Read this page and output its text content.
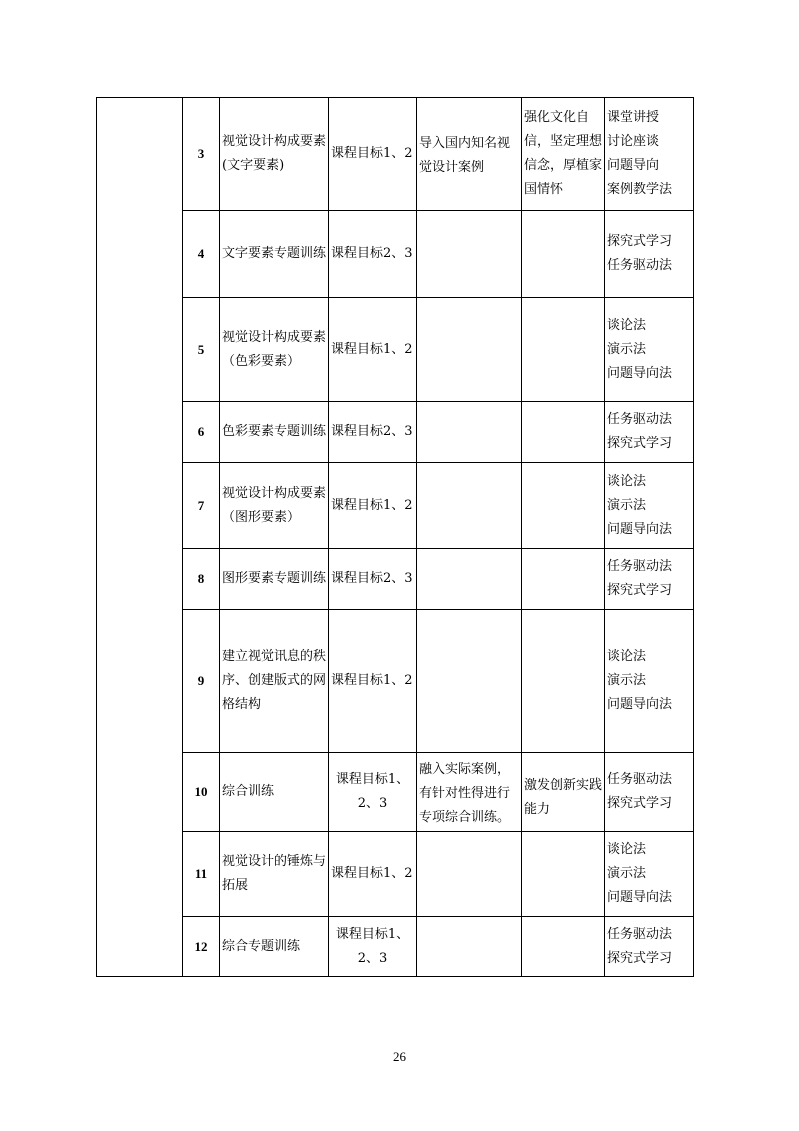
	3	视觉设计构成要素(文字要素)	课程目标1、2	导入国内知名视觉设计案例	强化文化自信，坚定理想信念，厚植家国情怀	课堂讲授
讨论座谈
问题导向
案例教学法

	4	文字要素专题训练	课程目标2、3			探究式学习
任务驱动法

	5	视觉设计构成要素（色彩要素）	课程目标1、2			谈论法
演示法
问题导向法

	6	色彩要素专题训练	课程目标2、3			任务驱动法
探究式学习

	7	视觉设计构成要素（图形要素）	课程目标1、2			谈论法
演示法
问题导向法

	8	图形要素专题训练	课程目标2、3			任务驱动法
探究式学习

	9	建立视觉讯息的秩序、创建版式的网格结构	课程目标1、2			谈论法
演示法
问题导向法

	10	综合训练	课程目标1、2、3	融入实际案例，有针对性得进行专项综合训练。	激发创新实践能力	任务驱动法
探究式学习

	11	视觉设计的锤炼与拓展	课程目标1、2			谈论法
演示法
问题导向法

	12	综合专题训练	课程目标1、2、3			任务驱动法
探究式学习
26
